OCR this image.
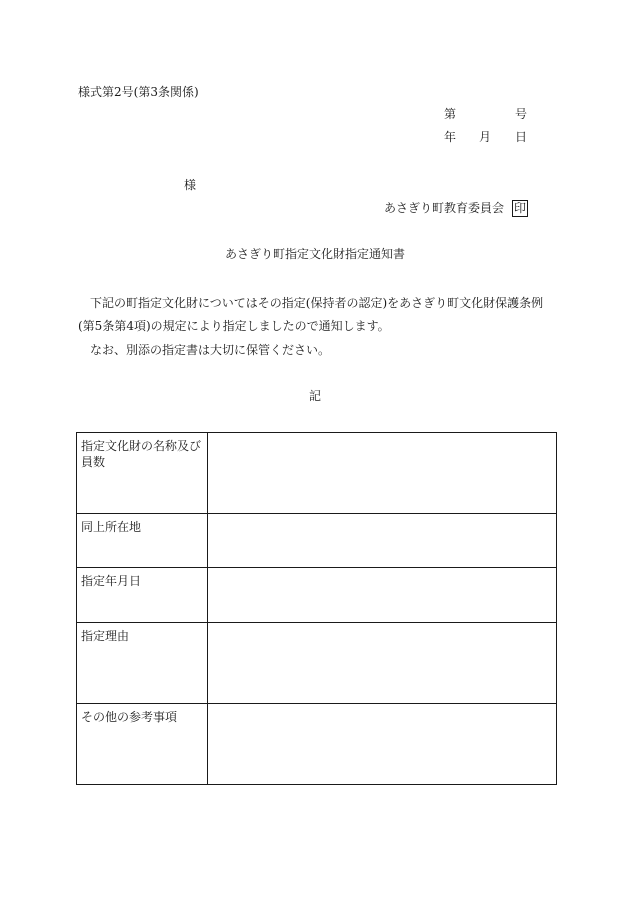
様式第2号(第3条関係)
第	号
年 月 日
様
あさぎり町教育委員会 印
あさぎり町指定文化財指定通知書
下記の町指定文化財についてはその指定(保持者の認定)をあさぎり町文化財保護条例
(第5条第4項)の規定により指定しましたので通知します。
なお、別添の指定書は大切に保管ください。
記
指定文化財の名称及び員数	
同上所在地	
指定年月日	
指定理由	
その他の参考事項	
